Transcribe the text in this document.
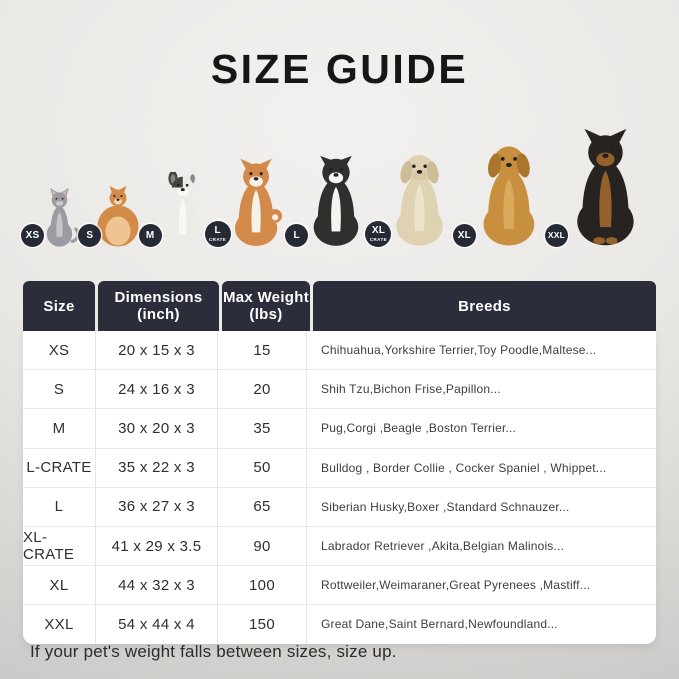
SIZE GUIDE
XS	S	M	L
CRATE	L	XL
CRATE	XL	XXL
Size	Dimensions
(inch)
Max Weight
(lbs)	Breeds
XS	20 x 15 x 3	15	Chihuahua,Yorkshire Terrier,Toy Poodle,Maltese...
S	24 x 16 x 3	20	Shih Tzu,Bichon Frise,Papillon...
M	30 x 20 x 3	35	Pug,Corgi ,Beagle ,Boston Terrier...
L-CRATE	35 x 22 x 3	50	Bulldog , Border Collie , Cocker Spaniel , Whippet...
L	36 x 27 x 3	65	Siberian Husky,Boxer ,Standard Schnauzer...
XL-CRATE	41 x 29 x 3.5	90	Labrador Retriever ,Akita,Belgian Malinois...
XL	44 x 32 x 3	100	Rottweiler,Weimaraner,Great Pyrenees ,Mastiff...
XXL	54 x 44 x 4	150	Great Dane,Saint Bernard,Newfoundland...

If your pet's weight falls between sizes, size up.
